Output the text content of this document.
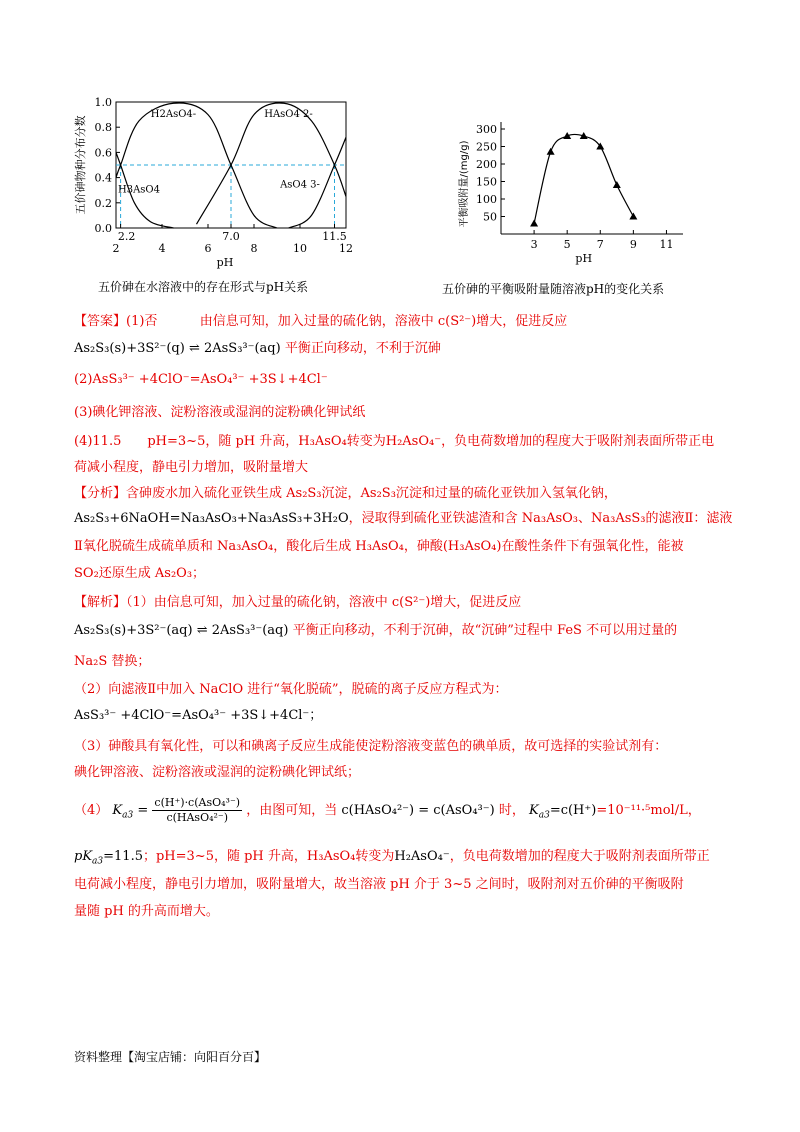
0.0
0.2
0.4
0.6
0.8
1.0
2
2.2
4	6
7.0
8	10
11.5
12
pH
五价砷物种分布分数
H2AsO4-	HAsO4 2-
H3AsO4	AsO4 3-
五价砷在水溶液中的存在形式与pH关系
50
100
150
200
250
300
3 5 7 9 11
pH
平衡吸附量/(mg/g)
五价砷的平衡吸附量随溶液pH的变化关系
【答案】(1)否	由信息可知，加入过量的硫化钠，溶液中 c(S²⁻)增大，促进反应
As₂S₃(s)+3S²⁻(q) ⇌ 2AsS₃³⁻(aq) 平衡正向移动，不利于沉砷
(2)AsS₃³⁻ +4ClO⁻=AsO₄³⁻ +3S↓+4Cl⁻
(3)碘化钾溶液、淀粉溶液或湿润的淀粉碘化钾试纸
(4)11.5　　pH=3~5，随 pH 升高，H₃AsO₄转变为H₂AsO₄⁻，负电荷数增加的程度大于吸附剂表面所带正电
荷减小程度，静电引力增加，吸附量增大
【分析】含砷废水加入硫化亚铁生成 As₂S₃沉淀，As₂S₃沉淀和过量的硫化亚铁加入氢氧化钠，
As₂S₃+6NaOH=Na₃AsO₃+Na₃AsS₃+3H₂O，浸取得到硫化亚铁滤渣和含 Na₃AsO₃、Na₃AsS₃的滤液Ⅱ：滤液
Ⅱ氧化脱硫生成硫单质和 Na₃AsO₄，酸化后生成 H₃AsO₄，砷酸(H₃AsO₄)在酸性条件下有强氧化性，能被
SO₂还原生成 As₂O₃；
【解析】（1）由信息可知，加入过量的硫化钠，溶液中 c(S²⁻)增大，促进反应
As₂S₃(s)+3S²⁻(aq) ⇌ 2AsS₃³⁻(aq) 平衡正向移动，不利于沉砷，故“沉砷”过程中 FeS 不可以用过量的
Na₂S 替换；
（2）向滤液Ⅱ中加入 NaClO 进行“氧化脱硫”，脱硫的离子反应方程式为：
AsS₃³⁻ +4ClO⁻=AsO₄³⁻ +3S↓+4Cl⁻；
（3）砷酸具有氧化性，可以和碘离子反应生成能使淀粉溶液变蓝色的碘单质，故可选择的实验试剂有：
碘化钾溶液、淀粉溶液或湿润的淀粉碘化钾试纸；
（4） $K_{a3} = \frac{\text{c(H⁺)·c(AsO₄³⁻)}}{\text{c(HAsO₄²⁻)}}$ ，由图可知，当 c(HAsO₄²⁻) = c(AsO₄³⁻) 时， $K_{a3}=c(H^+)=10^{-11}\cdot^5mol/L$，
$pK_{a3}=11.5$；pH=3~5，随 pH 升高，H₃AsO₄转变为H₂AsO₄⁻，负电荷数增加的程度大于吸附剂表面所带正
电荷减小程度，静电引力增加，吸附量增大，故当溶液 pH 介于 3~5 之间时，吸附剂对五价砷的平衡吸附
量随 pH 的升高而增大。
资料整理【淘宝店铺：向阳百分百】
